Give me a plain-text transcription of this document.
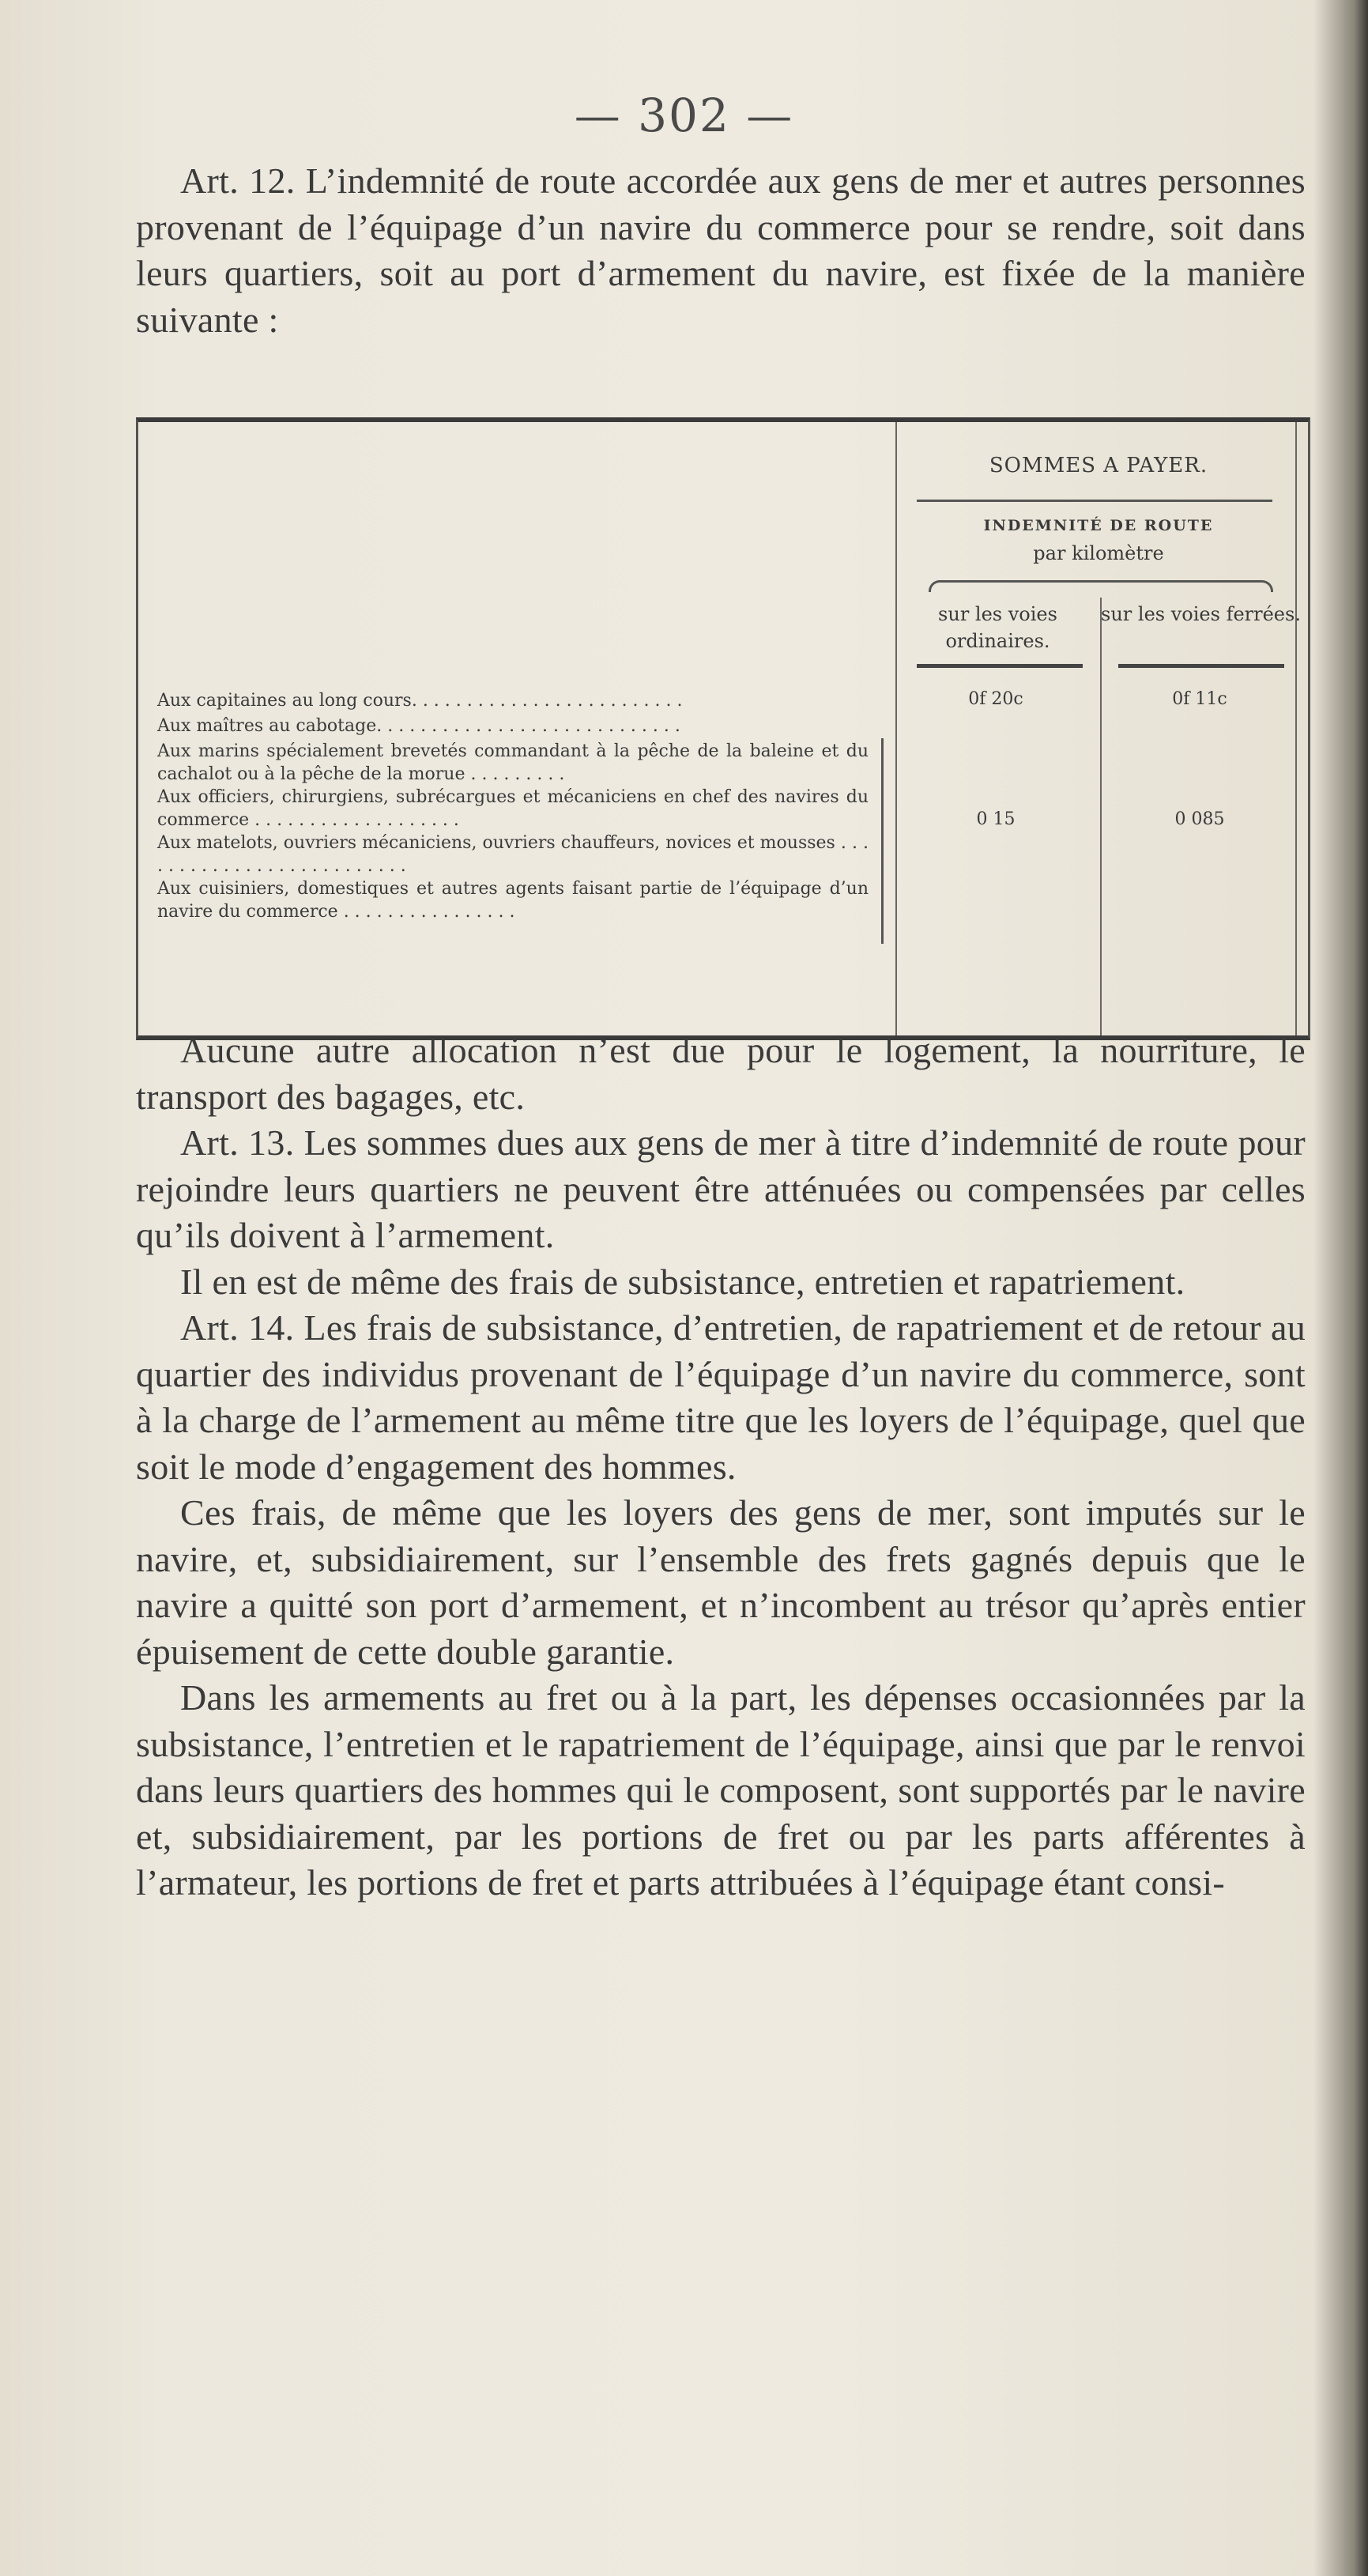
— 302 —

Art. 12. L’indemnité de route accordée aux gens de mer et autres personnes provenant de l’équipage d’un navire du commerce pour se rendre, soit dans leurs quartiers, soit au port d’armement du navire, est fixée de la manière suivante :

SOMMES A PAYER.
INDEMNITÉ DE ROUTE
par kilomètre
sur les voies ordinaires.
sur les voies ferrées.
Aux capitaines au long cours. . . . . . . . . . . . . . . . . . . . . . . . .	0f 20c	0f 11c
Aux maîtres au cabotage. . . . . . . . . . . . . . . . . . . . . . . . . . . .
Aux marins spécialement brevetés commandant à la pêche de la baleine et du cachalot ou à la pêche de la morue . . . . . . . . .
Aux officiers, chirurgiens, subrécargues et mécaniciens en chef des navires du commerce . . . . . . . . . . . . . . . . . . .	0 15	0 085
Aux matelots, ouvriers mécaniciens, ouvriers chauffeurs, novices et mousses . . . . . . . . . . . . . . . . . . . . . . . . . .
Aux cuisiniers, domestiques et autres agents faisant partie de l’équipage d’un navire du commerce . . . . . . . . . . . . . . . .

Aucune autre allocation n’est due pour le logement, la nourriture, le transport des bagages, etc.

Art. 13. Les sommes dues aux gens de mer à titre d’indemnité de route pour rejoindre leurs quartiers ne peuvent être atténuées ou compensées par celles qu’ils doivent à l’armement.

Il en est de même des frais de subsistance, entretien et rapatriement.

Art. 14. Les frais de subsistance, d’entretien, de rapatriement et de retour au quartier des individus provenant de l’équipage d’un navire du commerce, sont à la charge de l’armement au même titre que les loyers de l’équipage, quel que soit le mode d’engagement des hommes.

Ces frais, de même que les loyers des gens de mer, sont imputés sur le navire, et, subsidiairement, sur l’ensemble des frets gagnés depuis que le navire a quitté son port d’armement, et n’incombent au trésor qu’après entier épuisement de cette double garantie.

Dans les armements au fret ou à la part, les dépenses occasionnées par la subsistance, l’entretien et le rapatriement de l’équipage, ainsi que par le renvoi dans leurs quartiers des hommes qui le composent, sont supportés par le navire et, subsidiairement, par les portions de fret ou par les parts afférentes à l’armateur, les portions de fret et parts attribuées à l’équipage étant consi-
